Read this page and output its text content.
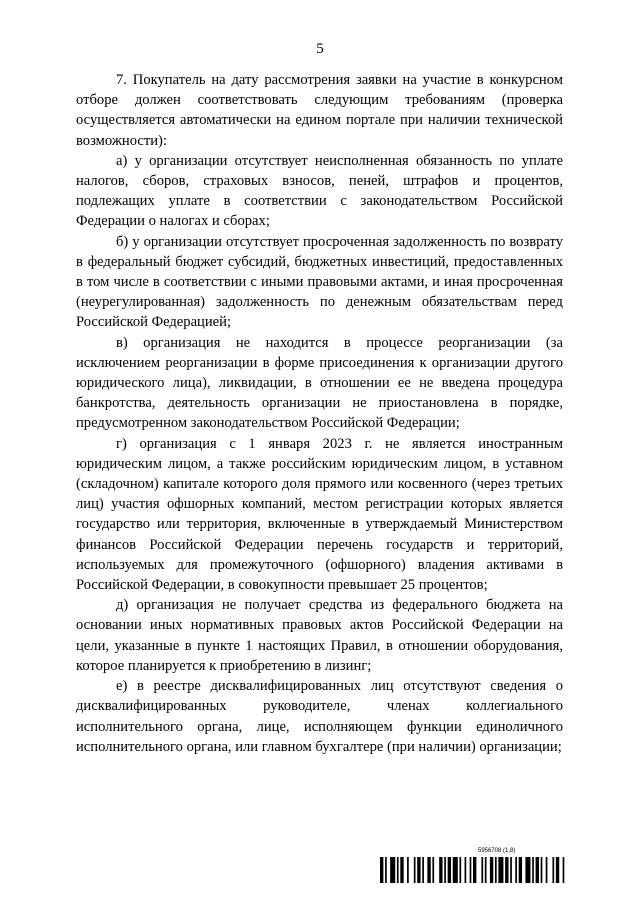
5

7. Покупатель на дату рассмотрения заявки на участие в конкурсном отборе должен соответствовать следующим требованиям (проверка осуществляется автоматически на едином портале при наличии технической возможности):

а) у организации отсутствует неисполненная обязанность по уплате налогов, сборов, страховых взносов, пеней, штрафов и процентов, подлежащих уплате в соответствии с законодательством Российской Федерации о налогах и сборах;

б) у организации отсутствует просроченная задолженность по возврату в федеральный бюджет субсидий, бюджетных инвестиций, предоставленных в том числе в соответствии с иными правовыми актами, и иная просроченная (неурегулированная) задолженность по денежным обязательствам перед Российской Федерацией;

в) организация не находится в процессе реорганизации (за исключением реорганизации в форме присоединения к организации другого юридического лица), ликвидации, в отношении ее не введена процедура банкротства, деятельность организации не приостановлена в порядке, предусмотренном законодательством Российской Федерации;

г) организация с 1 января 2023 г. не является иностранным юридическим лицом, а также российским юридическим лицом, в уставном (складочном) капитале которого доля прямого или косвенного (через третьих лиц) участия офшорных компаний, местом регистрации которых является государство или территория, включенные в утверждаемый Министерством финансов Российской Федерации перечень государств и территорий, используемых для промежуточного (офшорного) владения активами в Российской Федерации, в совокупности превышает 25 процентов;

д) организация не получает средства из федерального бюджета на основании иных нормативных правовых актов Российской Федерации на цели, указанные в пункте 1 настоящих Правил, в отношении оборудования, которое планируется к приобретению в лизинг;

е) в реестре дисквалифицированных лиц отсутствуют сведения о дисквалифицированных руководителе, членах коллегиального исполнительного органа, лице, исполняющем функции единоличного исполнительного органа, или главном бухгалтере (при наличии) организации;

5956708 (1.8)
